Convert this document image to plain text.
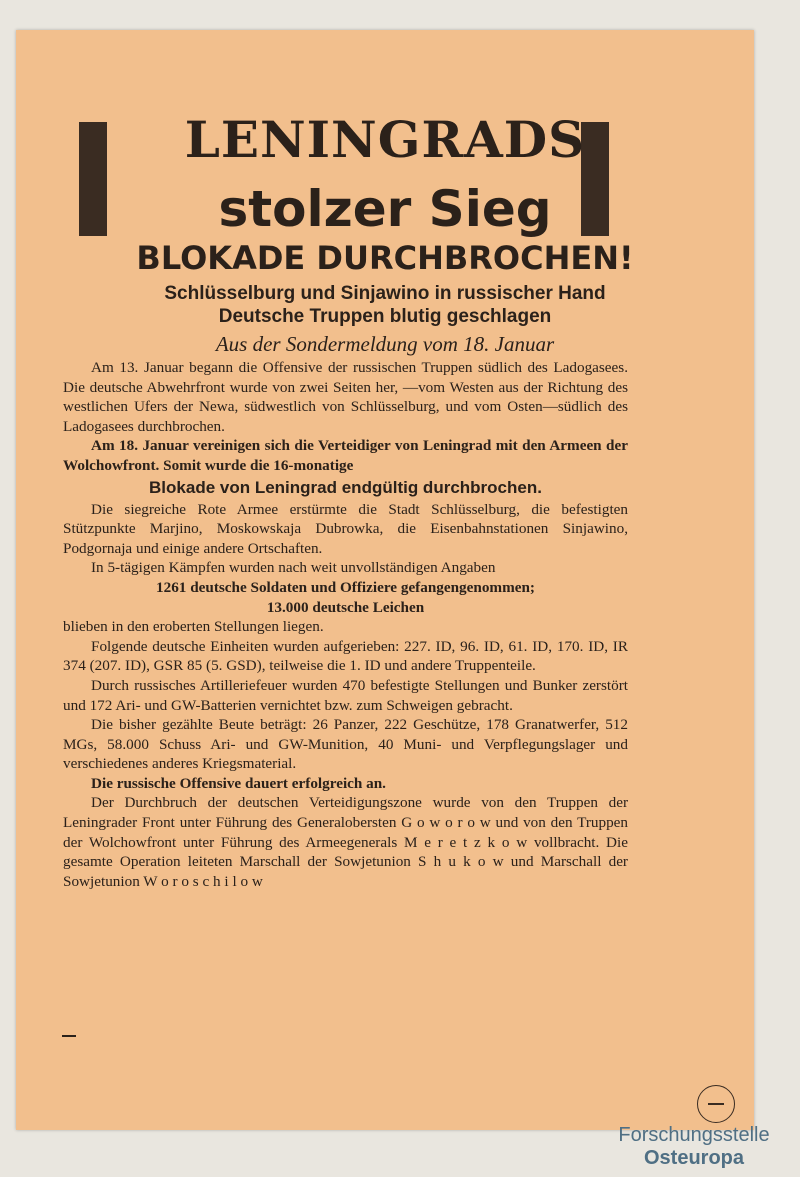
LENINGRADS
stolzer Sieg
BLOKADE DURCHBROCHEN!
Schlüsselburg und Sinjawino in russischer Hand
Deutsche Truppen blutig geschlagen
Aus der Sondermeldung vom 18. Januar

Am 13. Januar begann die Offensive der russischen Truppen südlich des Ladogasees. Die deutsche Abwehrfront wurde von zwei Seiten her, —vom Westen aus der Richtung des westlichen Ufers der Newa, südwestlich von Schlüsselburg, und vom Osten—südlich des Ladogasees durchbrochen.

Am 18. Januar vereinigen sich die Verteidiger von Leningrad mit den Armeen der Wolchowfront. Somit wurde die 16-monatige

Blokade von Leningrad endgültig durchbrochen.

Die siegreiche Rote Armee erstürmte die Stadt Schlüsselburg, die befestigten Stützpunkte Marjino, Moskowskaja Dubrowka, die Eisenbahnstationen Sinjawino, Podgornaja und einige andere Ortschaften.

In 5-tägigen Kämpfen wurden nach weit unvollständigen Angaben

1261 deutsche Soldaten und Offiziere gefangengenommen;

13.000 deutsche Leichen

blieben in den eroberten Stellungen liegen.

Folgende deutsche Einheiten wurden aufgerieben: 227. ID, 96. ID, 61. ID, 170. ID, IR 374 (207. ID), GSR 85 (5. GSD), teilweise die 1. ID und andere Truppenteile.

Durch russisches Artilleriefeuer wurden 470 befestigte Stellungen und Bunker zerstört und 172 Ari- und GW-Batterien vernichtet bzw. zum Schweigen gebracht.

Die bisher gezählte Beute beträgt: 26 Panzer, 222 Geschütze, 178 Granatwerfer, 512 MGs, 58.000 Schuss Ari- und GW-Munition, 40 Muni- und Verpflegungslager und verschiedenes anderes Kriegsmaterial.

Die russische Offensive dauert erfolgreich an.

Der Durchbruch der deutschen Verteidigungszone wurde von den Truppen der Leningrader Front unter Führung des Generalobersten G o w o r o w und von den Truppen der Wolchowfront unter Führung des Armeegenerals M e r e t z k o w vollbracht. Die gesamte Operation leiteten Marschall der Sowjetunion S h u k o w und Marschall der Sowjetunion W o r o s c h i l o w

Forschungsstelle
Osteuropa
